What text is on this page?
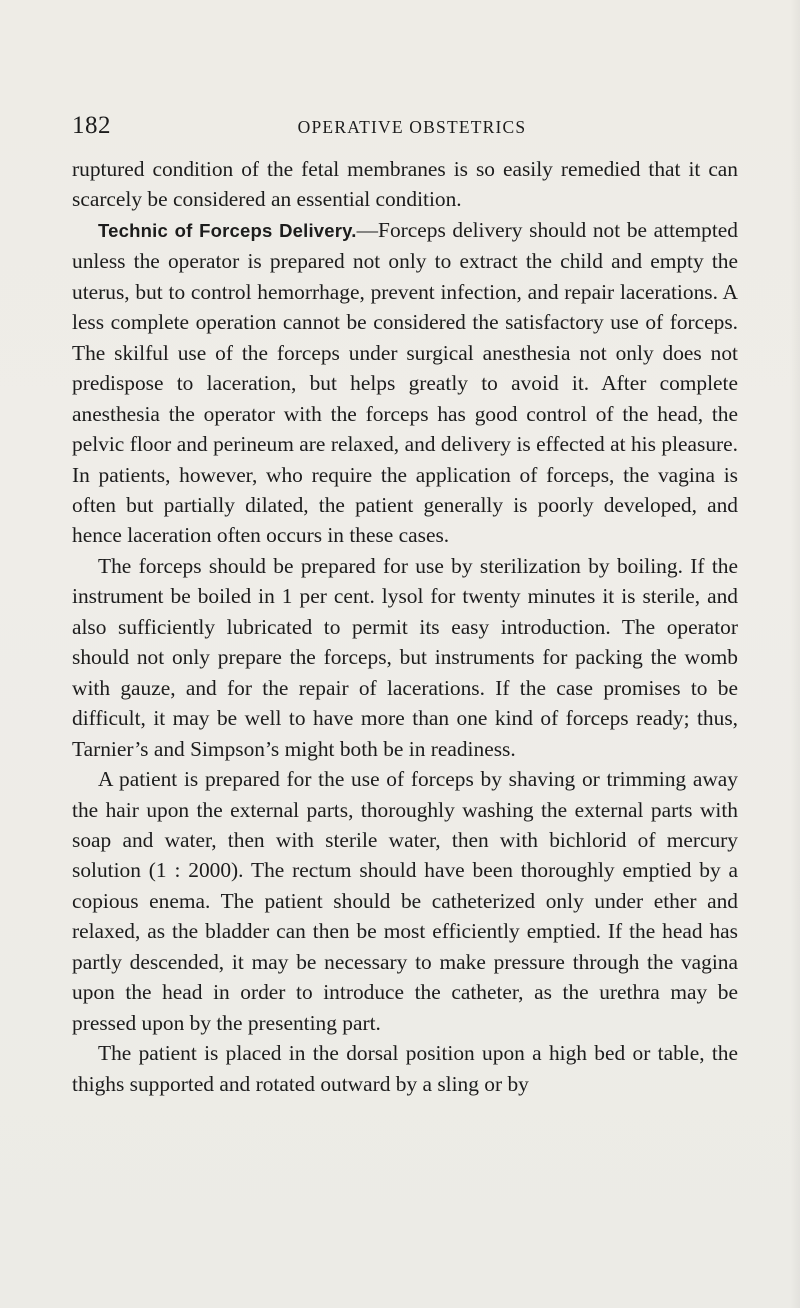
182	OPERATIVE OBSTETRICS

ruptured condition of the fetal membranes is so easily remedied that it can scarcely be considered an essential condition.

Technic of Forceps Delivery.—Forceps delivery should not be attempted unless the operator is prepared not only to extract the child and empty the uterus, but to control hemorrhage, prevent infection, and repair lacerations. A less complete operation cannot be considered the satisfactory use of forceps. The skilful use of the forceps under surgical anesthesia not only does not predispose to laceration, but helps greatly to avoid it. After complete anesthesia the operator with the forceps has good control of the head, the pelvic floor and perineum are relaxed, and delivery is effected at his pleasure. In patients, however, who require the application of forceps, the vagina is often but partially dilated, the patient generally is poorly developed, and hence laceration often occurs in these cases.

The forceps should be prepared for use by sterilization by boiling. If the instrument be boiled in 1 per cent. lysol for twenty minutes it is sterile, and also sufficiently lubricated to permit its easy introduction. The operator should not only prepare the forceps, but instruments for packing the womb with gauze, and for the repair of lacerations. If the case promises to be difficult, it may be well to have more than one kind of forceps ready; thus, Tarnier’s and Simpson’s might both be in readiness.

A patient is prepared for the use of forceps by shaving or trimming away the hair upon the external parts, thoroughly washing the external parts with soap and water, then with sterile water, then with bichlorid of mercury solution (1 : 2000). The rectum should have been thoroughly emptied by a copious enema. The patient should be catheterized only under ether and relaxed, as the bladder can then be most efficiently emptied. If the head has partly descended, it may be necessary to make pressure through the vagina upon the head in order to introduce the catheter, as the urethra may be pressed upon by the presenting part.

The patient is placed in the dorsal position upon a high bed or table, the thighs supported and rotated outward by a sling or by
